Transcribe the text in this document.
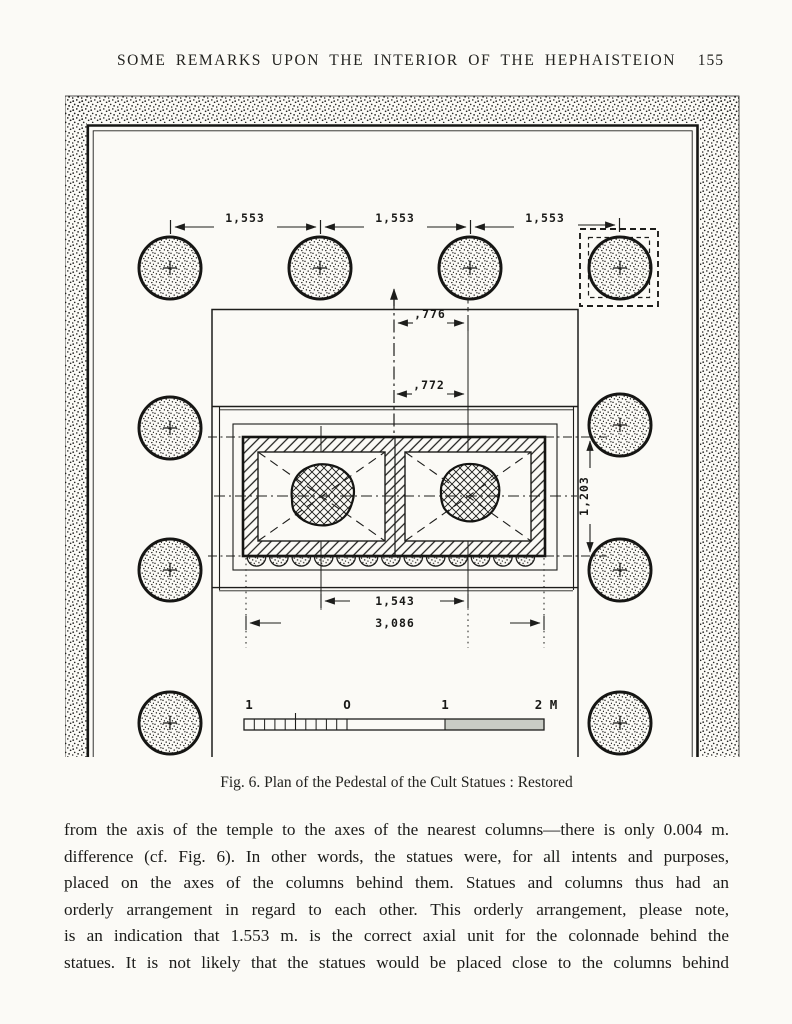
SOME REMARKS UPON THE INTERIOR OF THE HEPHAISTEION 155
1,553	1,553	1,553
,776
,772
1,203
1,543
3,086
1	O	1	2 M
Fig. 6. Plan of the Pedestal of the Cult Statues : Restored
from the axis of the temple to the axes of the nearest columns—there is only 0.004 m.
difference (cf. Fig. 6). In other words, the statues were, for all intents and purposes,
placed on the axes of the columns behind them. Statues and columns thus had an
orderly arrangement in regard to each other. This orderly arrangement, please note,
is an indication that 1.553 m. is the correct axial unit for the colonnade behind the
statues. It is not likely that the statues would be placed close to the columns behind
